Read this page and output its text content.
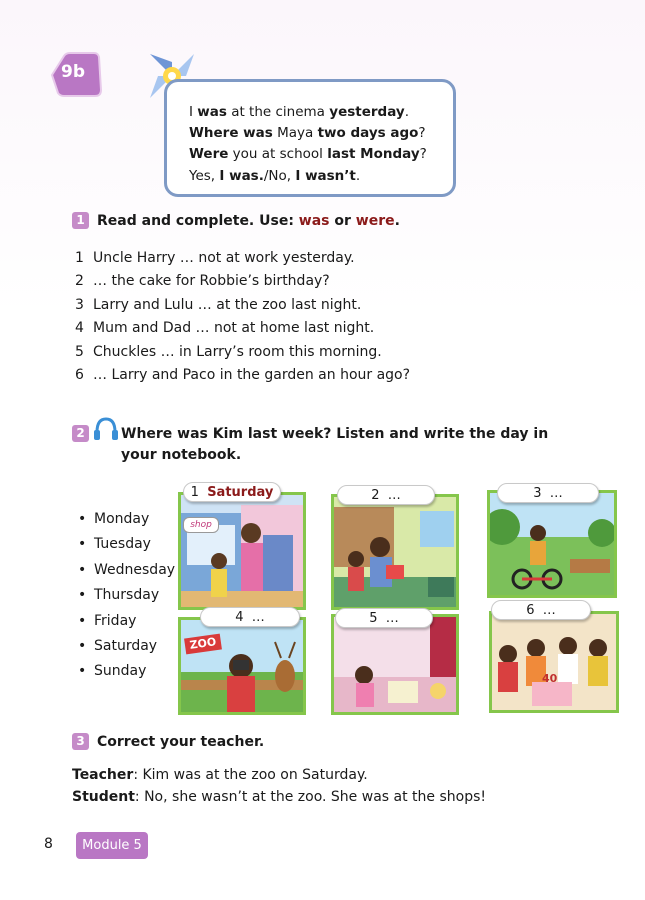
9b
I was at the cinema yesterday.
Where was Maya two days ago?
Were you at school last Monday?
Yes, I was./No, I wasn’t.
1 Read and complete. Use: was or were.
1 Uncle Harry … not at work yesterday.
2 … the cake for Robbie’s birthday?
3 Larry and Lulu … at the zoo last night.
4 Mum and Dad … not at home last night.
5 Chuckles … in Larry’s room this morning.
6 … Larry and Paco in the garden an hour ago?
2	Where was Kim last week? Listen and write the day in your notebook.
• Monday
• Tuesday
• Wednesday
• Thursday
• Friday
• Saturday
• Sunday
shop
ZOO
40
1 Saturday	2 …	3 …
4 …	5 …
6 …
3 Correct your teacher.
Teacher: Kim was at the zoo on Saturday.
Student: No, she wasn’t at the zoo. She was at the shops!
8	Module 5
